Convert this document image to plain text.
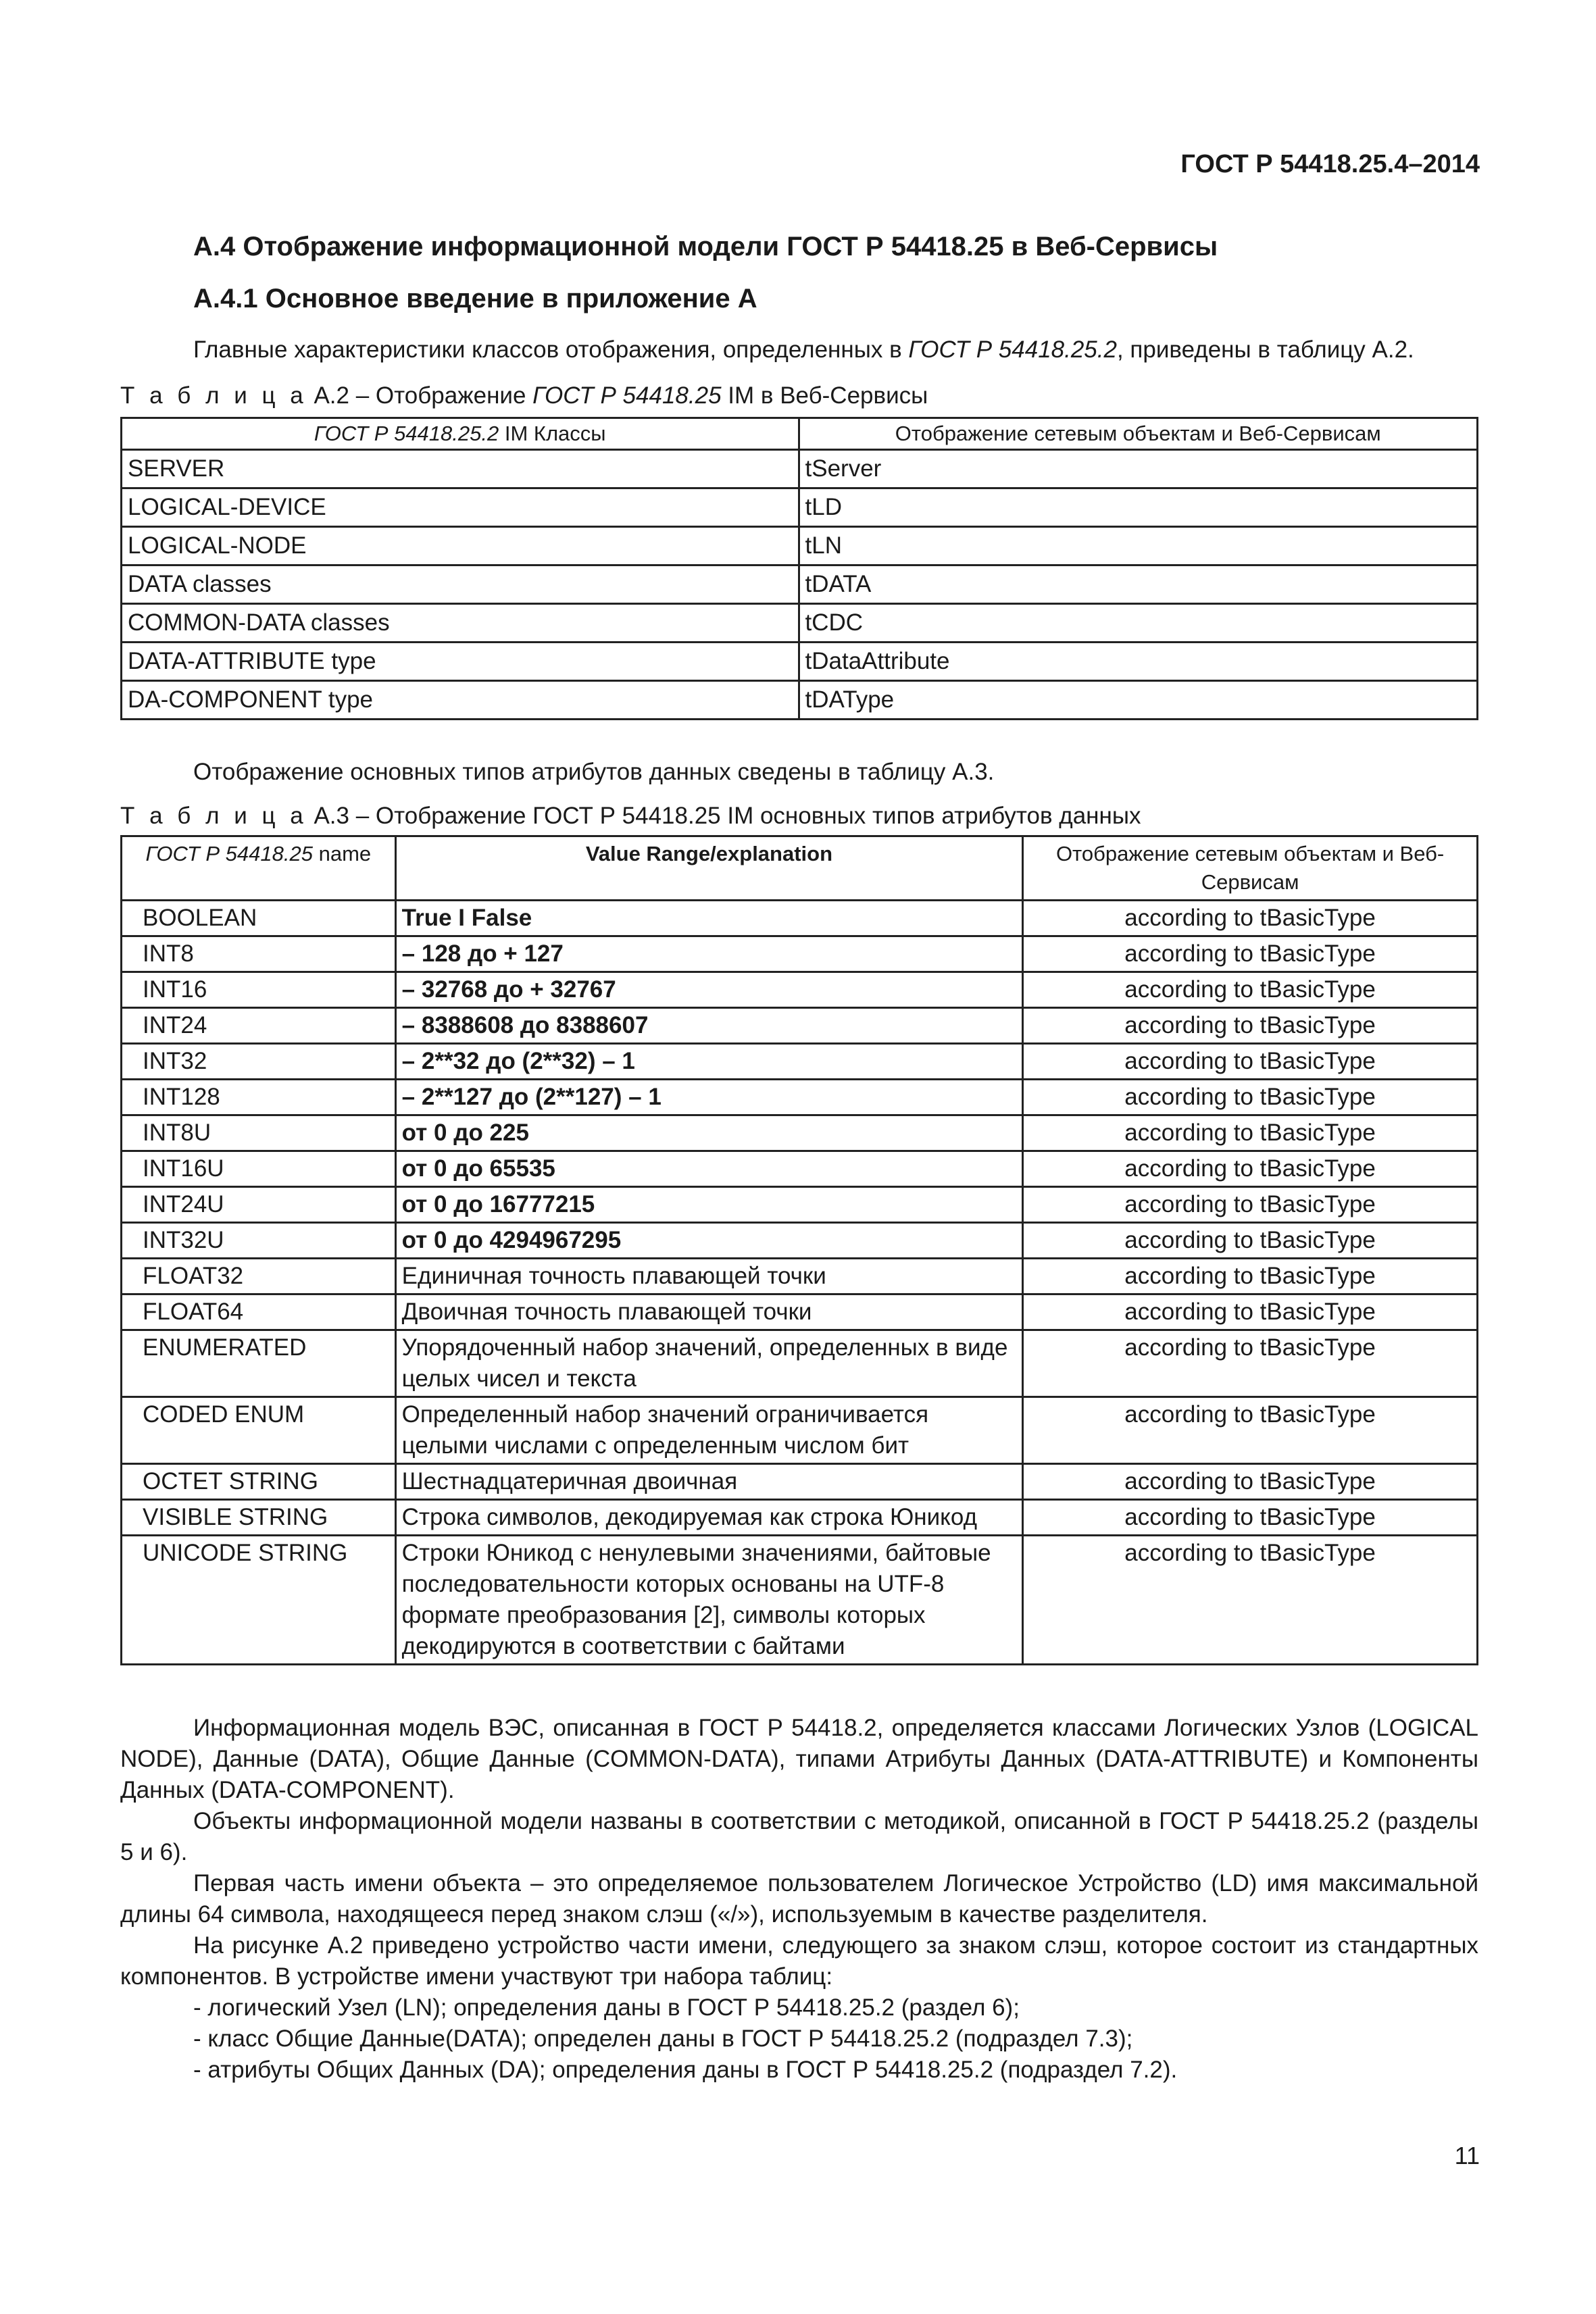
ГОСТ Р 54418.25.4–2014
А.4 Отображение информационной модели ГОСТ Р 54418.25 в Веб-Сервисы
А.4.1 Основное введение в приложение А
Главные характеристики классов отображения, определенных в ГОСТ Р 54418.25.2, приведены в таблицу А.2.
Т а б л и ц а А.2 – Отображение ГОСТ Р 54418.25 IM в Веб-Сервисы
ГОСТ Р 54418.25.2 IM Классы	Отображение сетевым объектам и Веб-Сервисам
SERVER	tServer
LOGICAL-DEVICE	tLD
LOGICAL-NODE	tLN
DATA classes	tDATA
COMMON-DATA classes	tCDC
DATA-ATTRIBUTE type	tDataAttribute
DA-COMPONENT type	tDAType
Отображение основных типов атрибутов данных сведены в таблицу А.3.
Т а б л и ц а А.3 – Отображение ГОСТ Р 54418.25 IM основных типов атрибутов данных
ГОСТ Р 54418.25 name	Value Range/explanation	Отображение сетевым объектам и Веб-Сервисам
BOOLEAN	True I False	according to tBasicType
INT8	– 128 до + 127	according to tBasicType
INT16	– 32768 до + 32767	according to tBasicType
INT24	– 8388608 до 8388607	according to tBasicType
INT32	– 2**32 до (2**32) – 1	according to tBasicType
INT128	– 2**127 до (2**127) – 1	according to tBasicType
INT8U	от 0 до 225	according to tBasicType
INT16U	от 0 до 65535	according to tBasicType
INT24U	от 0 до 16777215	according to tBasicType
INT32U	от 0 до 4294967295	according to tBasicType
FLOAT32	Единичная точность плавающей точки	according to tBasicType
FLOAT64	Двоичная точность плавающей точки	according to tBasicType
ENUMERATED	Упорядоченный набор значений, определенных в виде целых чисел и текста	according to tBasicType
CODED ENUM	Определенный набор значений ограничивается целыми числами с определенным числом бит	according to tBasicType
OCTET STRING	Шестнадцатеричная двоичная	according to tBasicType
VISIBLE STRING	Строка символов, декодируемая как строка Юникод	according to tBasicType
UNICODE STRING	Строки Юникод с ненулевыми значениями, байтовые последовательности которых основаны на UTF-8 формате преобразования [2], символы которых декодируются в соответствии с байтами	according to tBasicType
Информационная модель ВЭС, описанная в ГОСТ Р 54418.2, определяется классами Логических Узлов (LOGICAL NODE), Данные (DATA), Общие Данные (COMMON-DATA), типами Атрибуты Данных (DATA-ATTRIBUTE) и Компоненты Данных (DATA-COMPONENT).
Объекты информационной модели названы в соответствии с методикой, описанной в ГОСТ Р 54418.25.2 (разделы 5 и 6).
Первая часть имени объекта – это определяемое пользователем Логическое Устройство (LD) имя максимальной длины 64 символа, находящееся перед знаком слэш («/»), используемым в качестве разделителя.
На рисунке А.2 приведено устройство части имени, следующего за знаком слэш, которое состоит из стандартных компонентов. В устройстве имени участвуют три набора таблиц:
- логический Узел (LN); определения даны в ГОСТ Р 54418.25.2 (раздел 6);
- класс Общие Данные(DATA); определен даны в ГОСТ Р 54418.25.2 (подраздел 7.3);
- атрибуты Общих Данных (DA); определения даны в ГОСТ Р 54418.25.2 (подраздел 7.2).
11
